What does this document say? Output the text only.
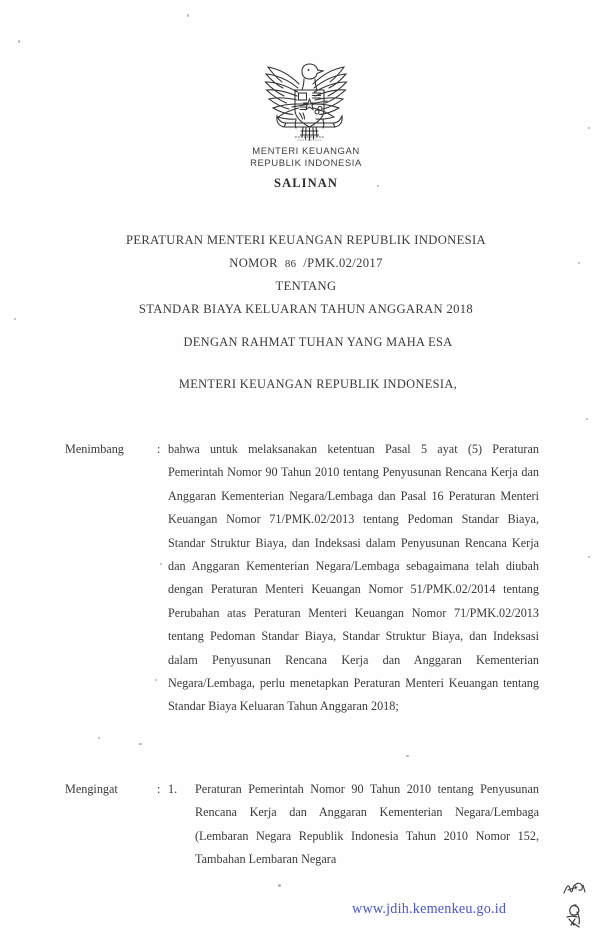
MENTERI KEUANGAN
REPUBLIK INDONESIA
SALINAN
PERATURAN MENTERI KEUANGAN REPUBLIK INDONESIA
NOMOR 86 /PMK.02/2017
TENTANG
STANDAR BIAYA KELUARAN TAHUN ANGGARAN 2018
DENGAN RAHMAT TUHAN YANG MAHA ESA
MENTERI KEUANGAN REPUBLIK INDONESIA,
Menimbang	: bahwa untuk melaksanakan ketentuan Pasal 5 ayat (5) Peraturan Pemerintah Nomor 90 Tahun 2010 tentang Penyusunan Rencana Kerja dan Anggaran Kementerian Negara/Lembaga dan Pasal 16 Peraturan Menteri Keuangan Nomor 71/PMK.02/2013 tentang Pedoman Standar Biaya, Standar Struktur Biaya, dan Indeksasi dalam Penyusunan Rencana Kerja dan Anggaran Kementerian Negara/Lembaga sebagaimana telah diubah dengan Peraturan Menteri Keuangan Nomor 51/PMK.02/2014 tentang Perubahan atas Peraturan Menteri Keuangan Nomor 71/PMK.02/2013 tentang Pedoman Standar Biaya, Standar Struktur Biaya, dan Indeksasi dalam Penyusunan Rencana Kerja dan Anggaran Kementerian Negara/Lembaga, perlu menetapkan Peraturan Menteri Keuangan tentang Standar Biaya Keluaran Tahun Anggaran 2018;

Mengingat	: 1. Peraturan Pemerintah Nomor 90 Tahun 2010 tentang Penyusunan Rencana Kerja dan Anggaran Kementerian Negara/Lembaga (Lembaran Negara Republik Indonesia Tahun 2010 Nomor 152, Tambahan Lembaran Negara

www.jdih.kemenkeu.go.id
